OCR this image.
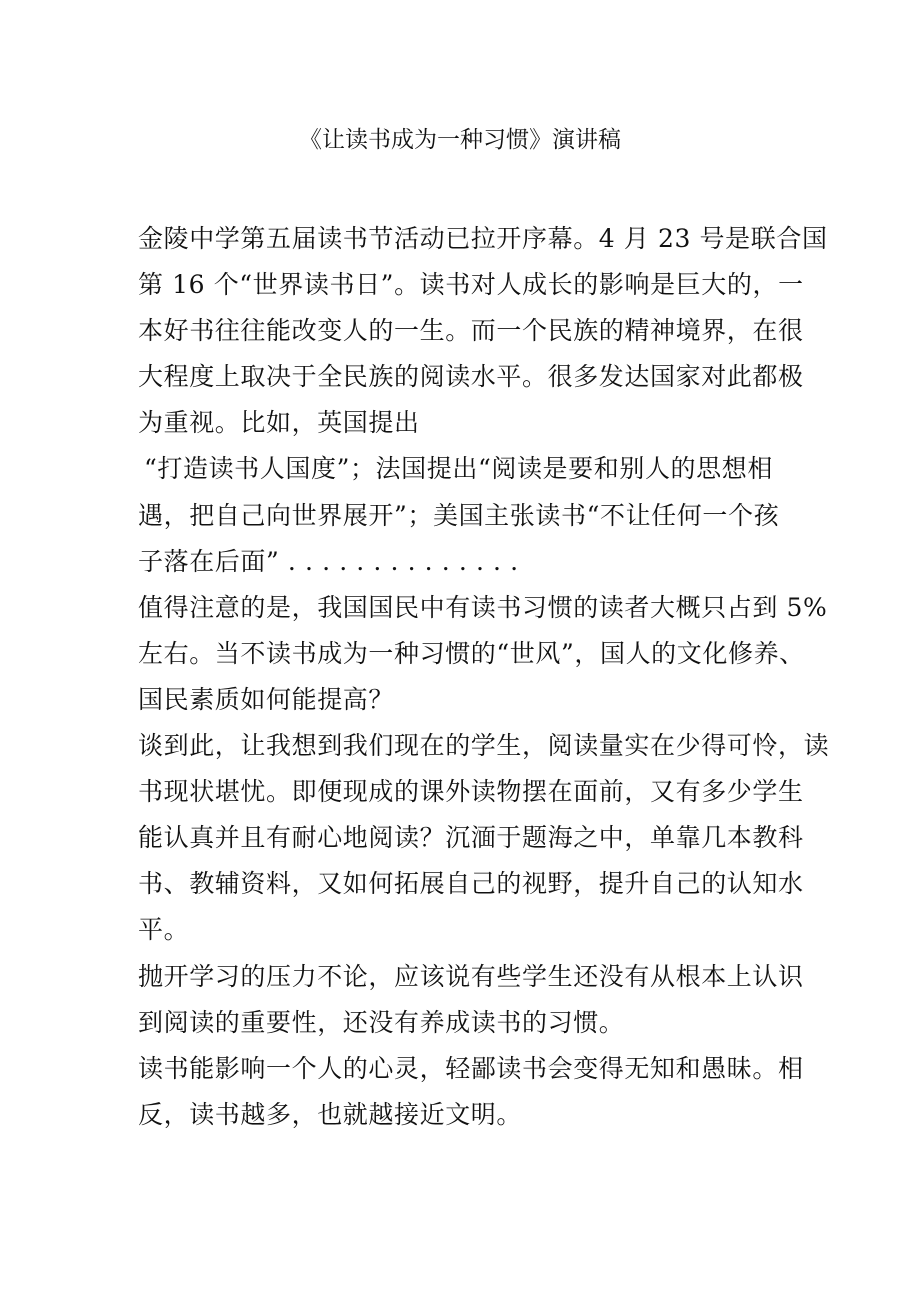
《让读书成为一种习惯》演讲稿
金陵中学第五届读书节活动已拉开序幕。4 月 23 号是联合国
第 16 个“世界读书日”。读书对人成长的影响是巨大的，一
本好书往往能改变人的一生。而一个民族的精神境界，在很
大程度上取决于全民族的阅读水平。很多发达国家对此都极
为重视。比如，英国提出
“打造读书人国度”；法国提出“阅读是要和别人的思想相
遇，把自己向世界展开”；美国主张读书“不让任何一个孩
子落在后面” . . . . . . . . . . . . . .
值得注意的是，我国国民中有读书习惯的读者大概只占到 5%
左右。当不读书成为一种习惯的“世风”，国人的文化修养、
国民素质如何能提高？
谈到此，让我想到我们现在的学生，阅读量实在少得可怜，读
书现状堪忧。即便现成的课外读物摆在面前，又有多少学生
能认真并且有耐心地阅读？沉湎于题海之中，单靠几本教科
书、教辅资料，又如何拓展自己的视野，提升自己的认知水
平。
抛开学习的压力不论，应该说有些学生还没有从根本上认识
到阅读的重要性，还没有养成读书的习惯。
读书能影响一个人的心灵，轻鄙读书会变得无知和愚昧。相
反，读书越多，也就越接近文明。
